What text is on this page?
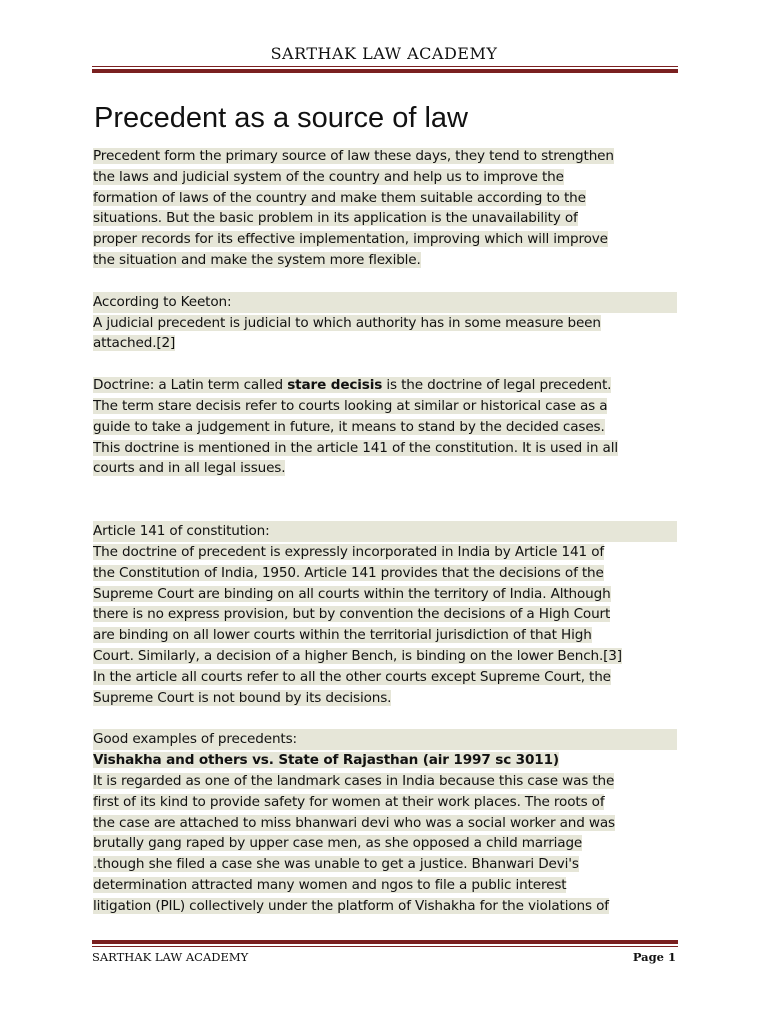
SARTHAK LAW ACADEMY
Precedent as a source of law
Precedent form the primary source of law these days, they tend to strengthen
the laws and judicial system of the country and help us to improve the
formation of laws of the country and make them suitable according to the
situations. But the basic problem in its application is the unavailability of
proper records for its effective implementation, improving which will improve
the situation and make the system more flexible.
According to Keeton:
A judicial precedent is judicial to which authority has in some measure been
attached.[2]
Doctrine: a Latin term called stare decisis is the doctrine of legal precedent.
The term stare decisis refer to courts looking at similar or historical case as a
guide to take a judgement in future, it means to stand by the decided cases.
This doctrine is mentioned in the article 141 of the constitution. It is used in all
courts and in all legal issues.
Article 141 of constitution:
The doctrine of precedent is expressly incorporated in India by Article 141 of
the Constitution of India, 1950. Article 141 provides that the decisions of the
Supreme Court are binding on all courts within the territory of India. Although
there is no express provision, but by convention the decisions of a High Court
are binding on all lower courts within the territorial jurisdiction of that High
Court. Similarly, a decision of a higher Bench, is binding on the lower Bench.[3]
In the article all courts refer to all the other courts except Supreme Court, the
Supreme Court is not bound by its decisions.
Good examples of precedents:
Vishakha and others vs. State of Rajasthan (air 1997 sc 3011)
It is regarded as one of the landmark cases in India because this case was the
first of its kind to provide safety for women at their work places. The roots of
the case are attached to miss bhanwari devi who was a social worker and was
brutally gang raped by upper case men, as she opposed a child marriage
.though she filed a case she was unable to get a justice. Bhanwari Devi's
determination attracted many women and ngos to file a public interest
litigation (PIL) collectively under the platform of Vishakha for the violations of
SARTHAK LAW ACADEMY	Page 1
